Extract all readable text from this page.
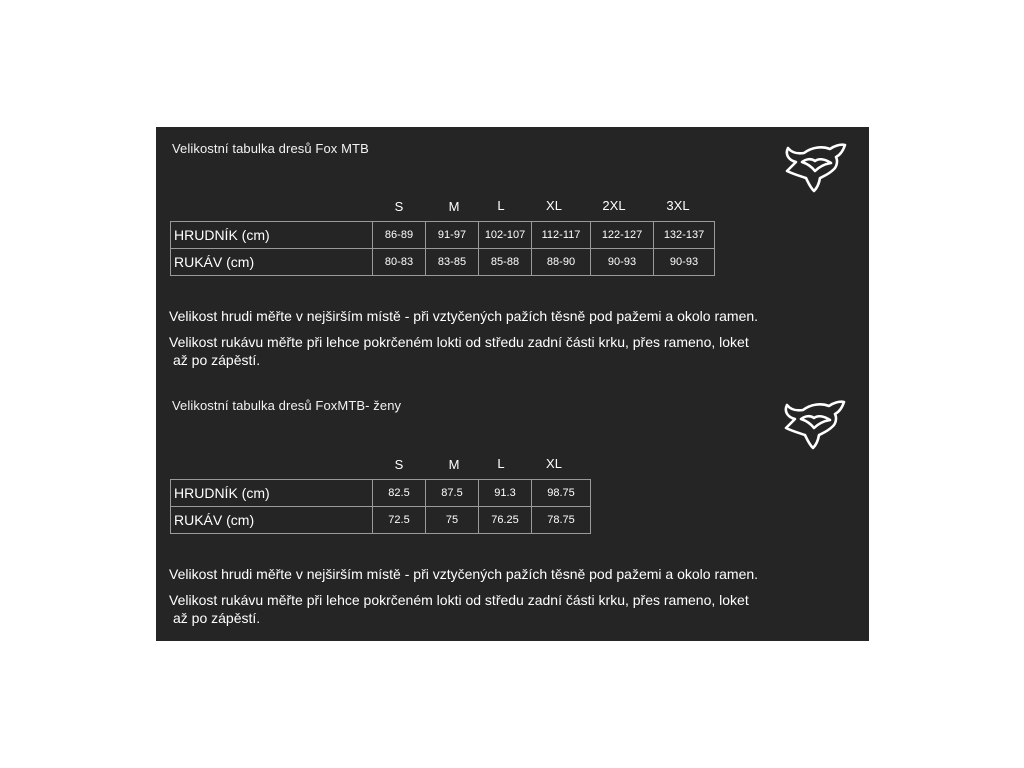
Velikostní tabulka dresů Fox MTB
S	M	L	XL	2XL	3XL
HRUDNÍK (cm)	86-89	91-97	102-107	112-117	122-127	132-137
RUKÁV (cm)	80-83	83-85	85-88	88-90	90-93	90-93
Velikost hrudi měřte v nejširším místě - při vztyčených pažích těsně pod pažemi a okolo ramen.
Velikost rukávu měřte při lehce pokrčeném lokti od středu zadní části krku, přes rameno, loket
až po zápěstí.
Velikostní tabulka dresů FoxMTB- ženy
S	M	L	XL
HRUDNÍK (cm)	82.5	87.5	91.3	98.75
RUKÁV (cm)	72.5	75	76.25	78.75
Velikost hrudi měřte v nejširším místě - při vztyčených pažích těsně pod pažemi a okolo ramen.
Velikost rukávu měřte při lehce pokrčeném lokti od středu zadní části krku, přes rameno, loket
až po zápěstí.
